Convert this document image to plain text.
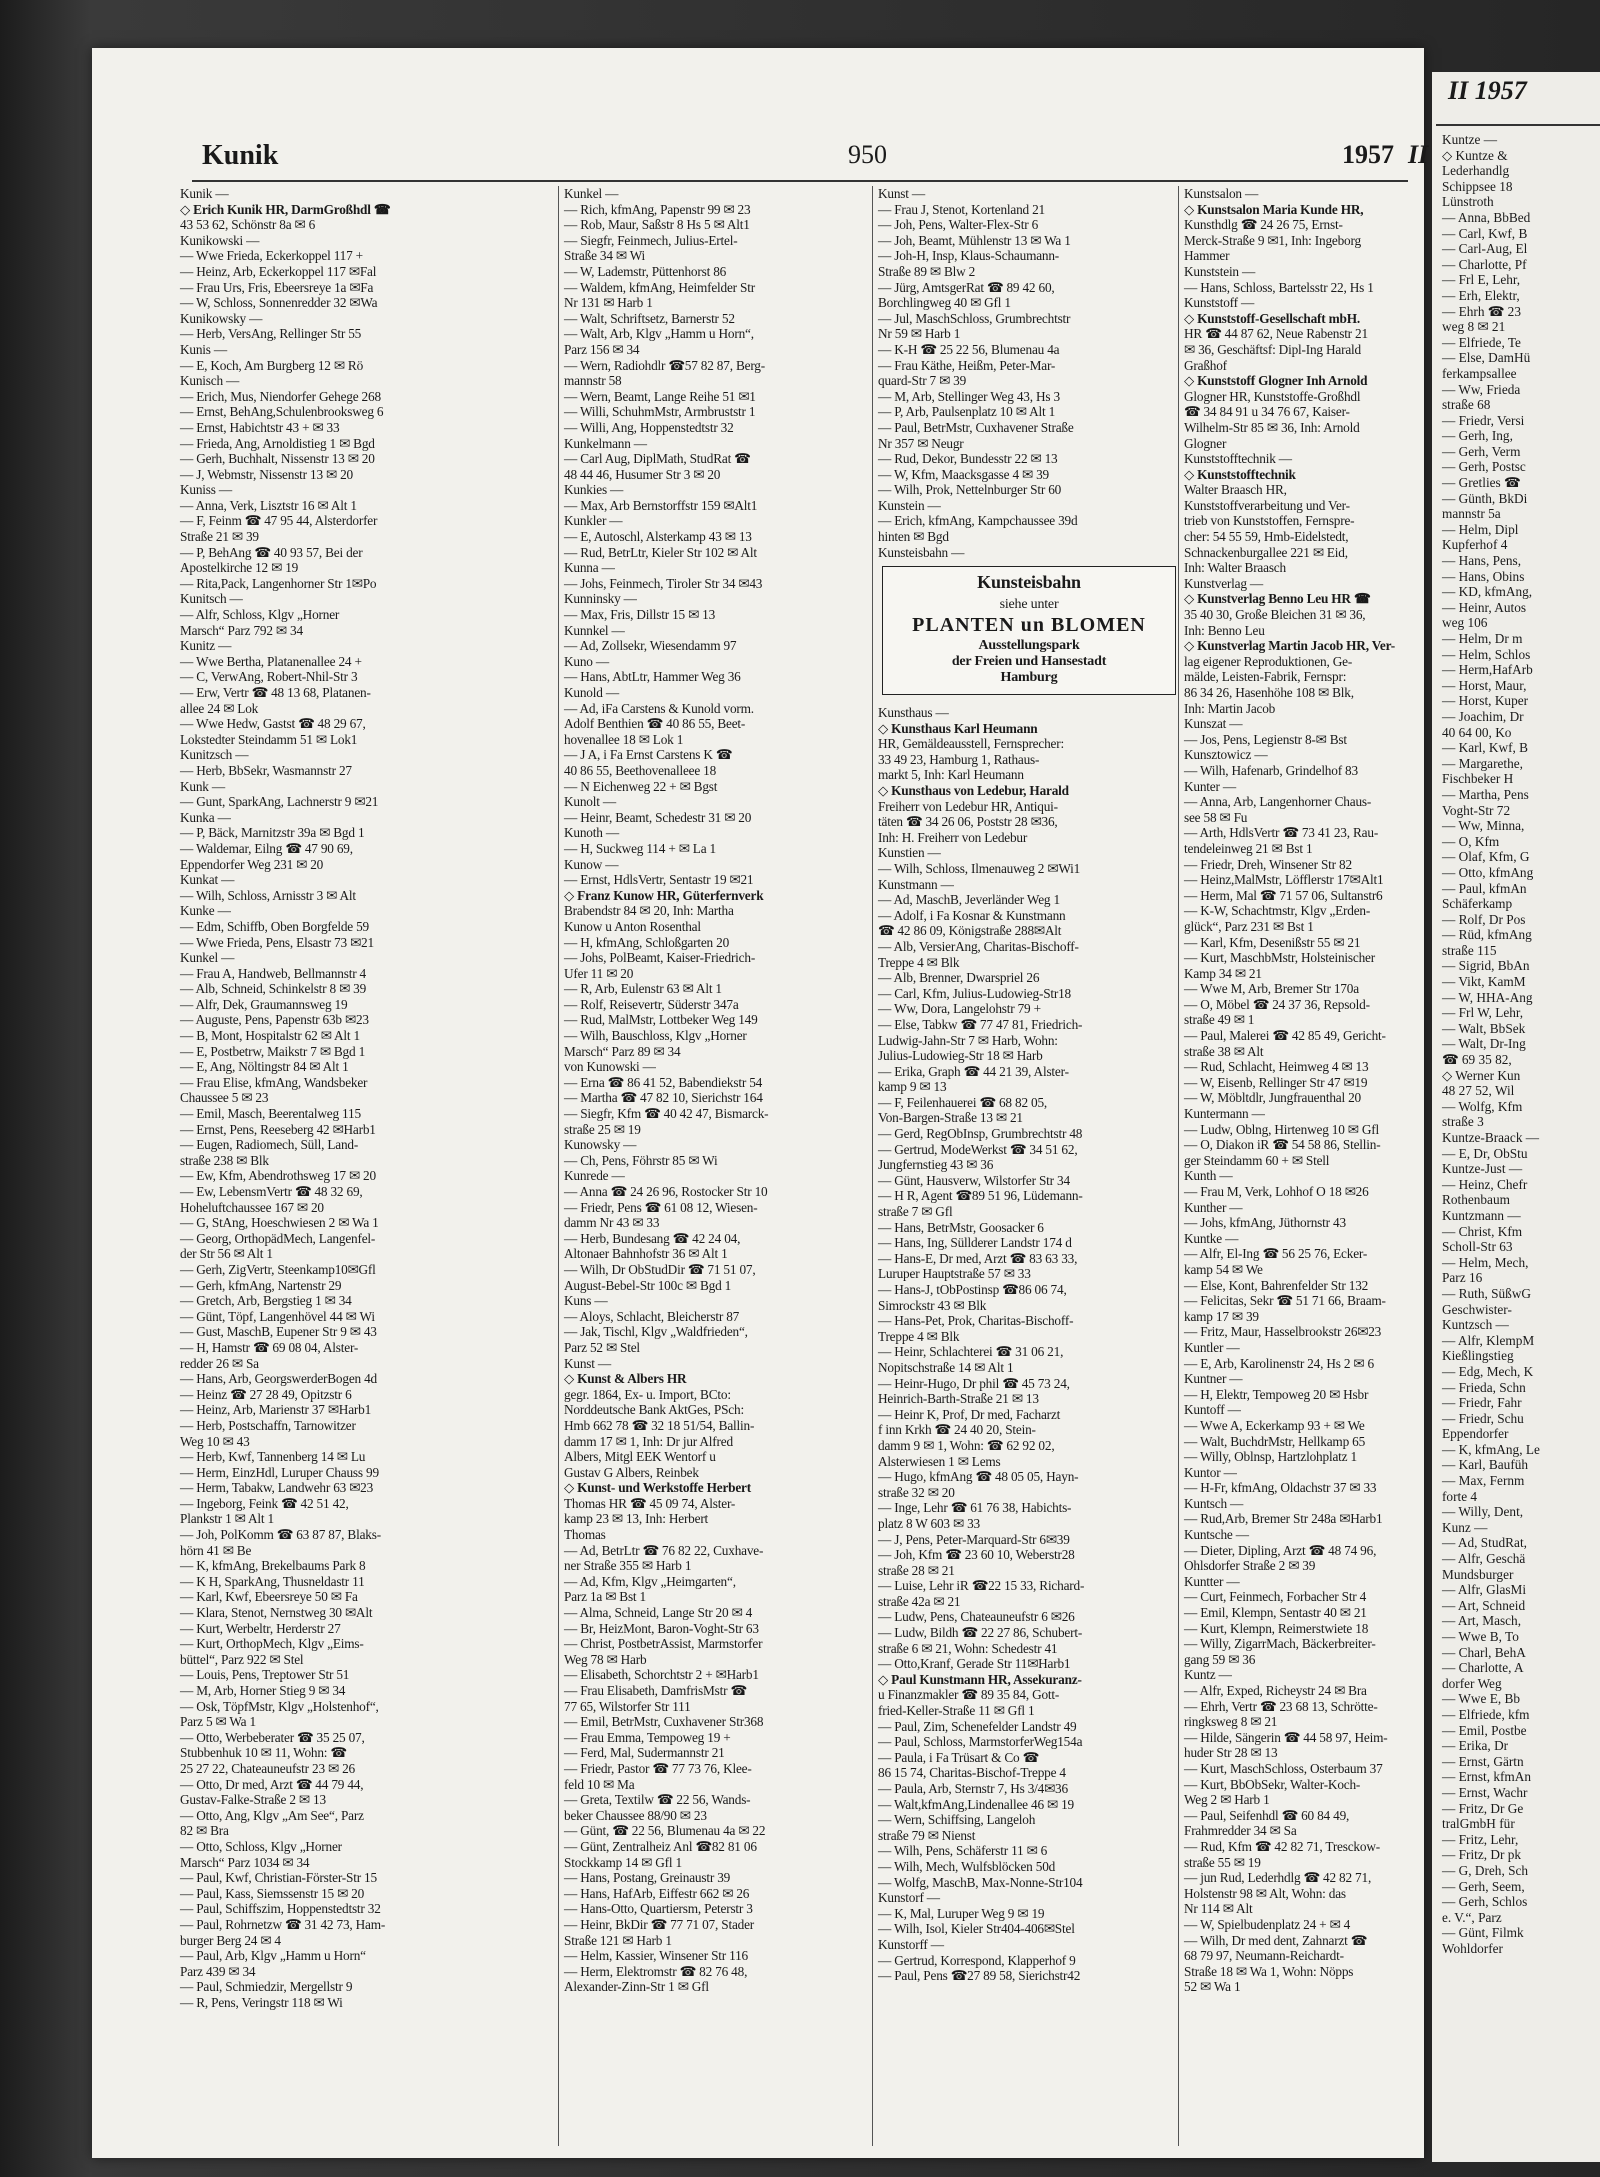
Kunik	950	1957 II
Kunik —
◇ Erich Kunik HR, DarmGroßhdl ☎
43 53 62, Schönstr 8a ✉ 6
Kunikowski —
— Wwe Frieda, Eckerkoppel 117 +
— Heinz, Arb, Eckerkoppel 117 ✉Fal
— Frau Urs, Fris, Ebeersreye 1a ✉Fa
— W, Schloss, Sonnenredder 32 ✉Wa
Kunikowsky —
— Herb, VersAng, Rellinger Str 55
Kunis —
— E, Koch, Am Burgberg 12 ✉ Rö
Kunisch —
— Erich, Mus, Niendorfer Gehege 268
— Ernst, BehAng,Schulenbrooksweg 6
— Ernst, Habichtstr 43 + ✉ 33
— Frieda, Ang, Arnoldistieg 1 ✉ Bgd
— Gerh, Buchhalt, Nissenstr 13 ✉ 20
— J, Webmstr, Nissenstr 13 ✉ 20
Kuniss —
— Anna, Verk, Lisztstr 16 ✉ Alt 1
— F, Feinm ☎ 47 95 44, Alsterdorfer
Straße 21 ✉ 39
— P, BehAng ☎ 40 93 57, Bei der
Apostelkirche 12 ✉ 19
— Rita,Pack, Langenhorner Str 1✉Po
Kunitsch —
— Alfr, Schloss, Klgv „Horner
Marsch“ Parz 792 ✉ 34
Kunitz —
— Wwe Bertha, Platanenallee 24 +
— C, VerwAng, Robert-Nhil-Str 3
— Erw, Vertr ☎ 48 13 68, Platanen-
allee 24 ✉ Lok
— Wwe Hedw, Gastst ☎ 48 29 67,
Lokstedter Steindamm 51 ✉ Lok1
Kunitzsch —
— Herb, BbSekr, Wasmannstr 27
Kunk —
— Gunt, SparkAng, Lachnerstr 9 ✉21
Kunka —
— P, Bäck, Marnitzstr 39a ✉ Bgd 1
— Waldemar, Eilng ☎ 47 90 69,
Eppendorfer Weg 231 ✉ 20
Kunkat —
— Wilh, Schloss, Arnisstr 3 ✉ Alt
Kunke —
— Edm, Schiffb, Oben Borgfelde 59
— Wwe Frieda, Pens, Elsastr 73 ✉21
Kunkel —
— Frau A, Handweb, Bellmannstr 4
— Alb, Schneid, Schinkelstr 8 ✉ 39
— Alfr, Dek, Graumannsweg 19
— Auguste, Pens, Papenstr 63b ✉23
— B, Mont, Hospitalstr 62 ✉ Alt 1
— E, Postbetrw, Maikstr 7 ✉ Bgd 1
— E, Ang, Nöltingstr 84 ✉ Alt 1
— Frau Elise, kfmAng, Wandsbeker
Chaussee 5 ✉ 23
— Emil, Masch, Beerentalweg 115
— Ernst, Pens, Reeseberg 42 ✉Harb1
— Eugen, Radiomech, Süll, Land-
straße 238 ✉ Blk
— Ew, Kfm, Abendrothsweg 17 ✉ 20
— Ew, LebensmVertr ☎ 48 32 69,
Hoheluftchaussee 167 ✉ 20
— G, StAng, Hoeschwiesen 2 ✉ Wa 1
— Georg, OrthopädMech, Langenfel-
der Str 56 ✉ Alt 1
— Gerh, ZigVertr, Steenkamp10✉Gfl
— Gerh, kfmAng, Nartenstr 29
— Gretch, Arb, Bergstieg 1 ✉ 34
— Günt, Töpf, Langenhövel 44 ✉ Wi
— Gust, MaschB, Eupener Str 9 ✉ 43
— H, Hamstr ☎ 69 08 04, Alster-
redder 26 ✉ Sa
— Hans, Arb, GeorgswerderBogen 4d
— Heinz ☎ 27 28 49, Opitzstr 6
— Heinz, Arb, Marienstr 37 ✉Harb1
— Herb, Postschaffn, Tarnowitzer
Weg 10 ✉ 43
— Herb, Kwf, Tannenberg 14 ✉ Lu
— Herm, EinzHdl, Luruper Chauss 99
— Herm, Tabakw, Landwehr 63 ✉23
— Ingeborg, Feink ☎ 42 51 42,
Plankstr 1 ✉ Alt 1
— Joh, PolKomm ☎ 63 87 87, Blaks-
hörn 41 ✉ Be
— K, kfmAng, Brekelbaums Park 8
— K H, SparkAng, Thusneldastr 11
— Karl, Kwf, Ebeersreye 50 ✉ Fa
— Klara, Stenot, Nernstweg 30 ✉Alt
— Kurt, Werbeltr, Herderstr 27
— Kurt, OrthopMech, Klgv „Eims-
büttel“, Parz 922 ✉ Stel
— Louis, Pens, Treptower Str 51
— M, Arb, Horner Stieg 9 ✉ 34
— Osk, TöpfMstr, Klgv „Holstenhof“,
Parz 5 ✉ Wa 1
— Otto, Werbeberater ☎ 35 25 07,
Stubbenhuk 10 ✉ 11, Wohn: ☎
25 27 22, Chateauneufstr 23 ✉ 26
— Otto, Dr med, Arzt ☎ 44 79 44,
Gustav-Falke-Straße 2 ✉ 13
— Otto, Ang, Klgv „Am See“, Parz
82 ✉ Bra
— Otto, Schloss, Klgv „Horner
Marsch“ Parz 1034 ✉ 34
— Paul, Kwf, Christian-Förster-Str 15
— Paul, Kass, Siemssenstr 15 ✉ 20
— Paul, Schiffszim, Hoppenstedtstr 32
— Paul, Rohrnetzw ☎ 31 42 73, Ham-
burger Berg 24 ✉ 4
— Paul, Arb, Klgv „Hamm u Horn“
Parz 439 ✉ 34
— Paul, Schmiedzir, Mergellstr 9
— R, Pens, Veringstr 118 ✉ Wi
Kunkel —
— Rich, kfmAng, Papenstr 99 ✉ 23
— Rob, Maur, Saßstr 8 Hs 5 ✉ Alt1
— Siegfr, Feinmech, Julius-Ertel-
Straße 34 ✉ Wi
— W, Lademstr, Püttenhorst 86
— Waldem, kfmAng, Heimfelder Str
Nr 131 ✉ Harb 1
— Walt, Schriftsetz, Barnerstr 52
— Walt, Arb, Klgv „Hamm u Horn“,
Parz 156 ✉ 34
— Wern, Radiohdlr ☎57 82 87, Berg-
mannstr 58
— Wern, Beamt, Lange Reihe 51 ✉1
— Willi, SchuhmMstr, Armbruststr 1
— Willi, Ang, Hoppenstedtstr 32
Kunkelmann —
— Carl Aug, DiplMath, StudRat ☎
48 44 46, Husumer Str 3 ✉ 20
Kunkies —
— Max, Arb Bernstorffstr 159 ✉Alt1
Kunkler —
— E, Autoschl, Alsterkamp 43 ✉ 13
— Rud, BetrLtr, Kieler Str 102 ✉ Alt
Kunna —
— Johs, Feinmech, Tiroler Str 34 ✉43
Kunninsky —
— Max, Fris, Dillstr 15 ✉ 13
Kunnkel —
— Ad, Zollsekr, Wiesendamm 97
Kuno —
— Hans, AbtLtr, Hammer Weg 36
Kunold —
— Ad, iFa Carstens & Kunold vorm.
Adolf Benthien ☎ 40 86 55, Beet-
hovenallee 18 ✉ Lok 1
— J A, i Fa Ernst Carstens K ☎
40 86 55, Beethovenalleee 18
— N Eichenweg 22 + ✉ Bgst
Kunolt —
— Heinr, Beamt, Schedestr 31 ✉ 20
Kunoth —
— H, Suckweg 114 + ✉ La 1
Kunow —
— Ernst, HdlsVertr, Sentastr 19 ✉21
◇ Franz Kunow HR, Güterfernverk
Brabendstr 84 ✉ 20, Inh: Martha
Kunow u Anton Rosenthal
— H, kfmAng, Schloßgarten 20
— Johs, PolBeamt, Kaiser-Friedrich-
Ufer 11 ✉ 20
— R, Arb, Eulenstr 63 ✉ Alt 1
— Rolf, Reisevertr, Süderstr 347a
— Rud, MalMstr, Lottbeker Weg 149
— Wilh, Bauschloss, Klgv „Horner
Marsch“ Parz 89 ✉ 34
von Kunowski —
— Erna ☎ 86 41 52, Babendiekstr 54
— Martha ☎ 47 82 10, Sierichstr 164
— Siegfr, Kfm ☎ 40 42 47, Bismarck-
straße 25 ✉ 19
Kunowsky —
— Ch, Pens, Föhrstr 85 ✉ Wi
Kunrede —
— Anna ☎ 24 26 96, Rostocker Str 10
— Friedr, Pens ☎ 61 08 12, Wiesen-
damm Nr 43 ✉ 33
— Herb, Bundesang ☎ 42 24 04,
Altonaer Bahnhofstr 36 ✉ Alt 1
— Wilh, Dr ObStudDir ☎ 71 51 07,
August-Bebel-Str 100c ✉ Bgd 1
Kuns —
— Aloys, Schlacht, Bleicherstr 87
— Jak, Tischl, Klgv „Waldfrieden“,
Parz 52 ✉ Stel
Kunst —
◇ Kunst & Albers HR
gegr. 1864, Ex- u. Import, BCto:
Norddeutsche Bank AktGes, PSch:
Hmb 662 78 ☎ 32 18 51/54, Ballin-
damm 17 ✉ 1, Inh: Dr jur Alfred
Albers, Mitgl EEK Wentorf u
Gustav G Albers, Reinbek
◇ Kunst- und Werkstoffe Herbert
Thomas HR ☎ 45 09 74, Alster-
kamp 23 ✉ 13, Inh: Herbert
Thomas
— Ad, BetrLtr ☎ 76 82 22, Cuxhave-
ner Straße 355 ✉ Harb 1
— Ad, Kfm, Klgv „Heimgarten“,
Parz 1a ✉ Bst 1
— Alma, Schneid, Lange Str 20 ✉ 4
— Br, HeizMont, Baron-Voght-Str 63
— Christ, PostbetrAssist, Marmstorfer
Weg 78 ✉ Harb
— Elisabeth, Schorchtstr 2 + ✉Harb1
— Frau Elisabeth, DamfrisMstr ☎
77 65, Wilstorfer Str 111
— Emil, BetrMstr, Cuxhavener Str368
— Frau Emma, Tempoweg 19 +
— Ferd, Mal, Sudermannstr 21
— Friedr, Pastor ☎ 77 73 76, Klee-
feld 10 ✉ Ma
— Greta, Textilw ☎ 22 56, Wands-
beker Chaussee 88/90 ✉ 23
— Günt, ☎ 22 56, Blumenau 4a ✉ 22
— Günt, Zentralheiz Anl ☎82 81 06
Stockkamp 14 ✉ Gfl 1
— Hans, Postang, Greinaustr 39
— Hans, HafArb, Eiffestr 662 ✉ 26
— Hans-Otto, Quartiersm, Peterstr 3
— Heinr, BkDir ☎ 77 71 07, Stader
Straße 121 ✉ Harb 1
— Helm, Kassier, Winsener Str 116
— Herm, Elektromstr ☎ 82 76 48,
Alexander-Zinn-Str 1 ✉ Gfl
Kunst —
— Frau J, Stenot, Kortenland 21
— Joh, Pens, Walter-Flex-Str 6
— Joh, Beamt, Mühlenstr 13 ✉ Wa 1
— Joh-H, Insp, Klaus-Schaumann-
Straße 89 ✉ Blw 2
— Jürg, AmtsgerRat ☎ 89 42 60,
Borchlingweg 40 ✉ Gfl 1
— Jul, MaschSchloss, Grumbrechtstr
Nr 59 ✉ Harb 1
— K-H ☎ 25 22 56, Blumenau 4a
— Frau Käthe, Heißm, Peter-Mar-
quard-Str 7 ✉ 39
— M, Arb, Stellinger Weg 43, Hs 3
— P, Arb, Paulsenplatz 10 ✉ Alt 1
— Paul, BetrMstr, Cuxhavener Straße
Nr 357 ✉ Neugr
— Rud, Dekor, Bundesstr 22 ✉ 13
— W, Kfm, Maacksgasse 4 ✉ 39
— Wilh, Prok, Nettelnburger Str 60
Kunstein —
— Erich, kfmAng, Kampchaussee 39d
hinten ✉ Bgd
Kunsteisbahn —
Kunsteisbahn
siehe unter
PLANTEN un BLOMEN
Ausstellungspark
der Freien und Hansestadt
Hamburg
Kunsthaus —
◇ Kunsthaus Karl Heumann
HR, Gemäldeausstell, Fernsprecher:
33 49 23, Hamburg 1, Rathaus-
markt 5, Inh: Karl Heumann
◇ Kunsthaus von Ledebur, Harald
Freiherr von Ledebur HR, Antiqui-
täten ☎ 34 26 06, Poststr 28 ✉36,
Inh: H. Freiherr von Ledebur
Kunstien —
— Wilh, Schloss, Ilmenauweg 2 ✉Wi1
Kunstmann —
— Ad, MaschB, Jeverländer Weg 1
— Adolf, i Fa Kosnar & Kunstmann
☎ 42 86 09, Königstraße 288✉Alt
— Alb, VersierAng, Charitas-Bischoff-
Treppe 4 ✉ Blk
— Alb, Brenner, Dwarspriel 26
— Carl, Kfm, Julius-Ludowieg-Str18
— Ww, Dora, Langelohstr 79 +
— Else, Tabkw ☎ 77 47 81, Friedrich-
Ludwig-Jahn-Str 7 ✉ Harb, Wohn:
Julius-Ludowieg-Str 18 ✉ Harb
— Erika, Graph ☎ 44 21 39, Alster-
kamp 9 ✉ 13
— F, Feilenhauerei ☎ 68 82 05,
Von-Bargen-Straße 13 ✉ 21
— Gerd, RegObInsp, Grumbrechtstr 48
— Gertrud, ModeWerkst ☎ 34 51 62,
Jungfernstieg 43 ✉ 36
— Günt, Hausverw, Wilstorfer Str 34
— H R, Agent ☎89 51 96, Lüdemann-
straße 7 ✉ Gfl
— Hans, BetrMstr, Goosacker 6
— Hans, Ing, Süllderer Landstr 174 d
— Hans-E, Dr med, Arzt ☎ 83 63 33,
Luruper Hauptstraße 57 ✉ 33
— Hans-J, tObPostinsp ☎86 06 74,
Simrockstr 43 ✉ Blk
— Hans-Pet, Prok, Charitas-Bischoff-
Treppe 4 ✉ Blk
— Heinr, Schlachterei ☎ 31 06 21,
Nopitschstraße 14 ✉ Alt 1
— Heinr-Hugo, Dr phil ☎ 45 73 24,
Heinrich-Barth-Straße 21 ✉ 13
— Heinr K, Prof, Dr med, Facharzt
f inn Krkh ☎ 24 40 20, Stein-
damm 9 ✉ 1, Wohn: ☎ 62 92 02,
Alsterwiesen 1 ✉ Lems
— Hugo, kfmAng ☎ 48 05 05, Hayn-
straße 32 ✉ 20
— Inge, Lehr ☎ 61 76 38, Habichts-
platz 8 W 603 ✉ 33
— J, Pens, Peter-Marquard-Str 6✉39
— Joh, Kfm ☎ 23 60 10, Weberstr28
straße 28 ✉ 21
— Luise, Lehr iR ☎22 15 33, Richard-
straße 42a ✉ 21
— Ludw, Pens, Chateauneufstr 6 ✉26
— Ludw, Bildh ☎ 22 27 86, Schubert-
straße 6 ✉ 21, Wohn: Schedestr 41
— Otto,Kranf, Gerade Str 11✉Harb1
◇ Paul Kunstmann HR, Assekuranz-
u Finanzmakler ☎ 89 35 84, Gott-
fried-Keller-Straße 11 ✉ Gfl 1
— Paul, Zim, Schenefelder Landstr 49
— Paul, Schloss, MarmstorferWeg154a
— Paula, i Fa Trüsart & Co ☎
86 15 74, Charitas-Bischof-Treppe 4
— Paula, Arb, Sternstr 7, Hs 3/4✉36
— Walt,kfmAng,Lindenallee 46 ✉ 19
— Wern, Schiffsing, Langeloh
straße 79 ✉ Nienst
— Wilh, Pens, Schäferstr 11 ✉ 6
— Wilh, Mech, Wulfsblöcken 50d
— Wolfg, MaschB, Max-Nonne-Str104
Kunstorf —
— K, Mal, Luruper Weg 9 ✉ 19
— Wilh, Isol, Kieler Str404-406✉Stel
Kunstorff —
— Gertrud, Korrespond, Klapperhof 9
— Paul, Pens ☎27 89 58, Sierichstr42
Kunstsalon —
◇ Kunstsalon Maria Kunde HR,
Kunsthdlg ☎ 24 26 75, Ernst-
Merck-Straße 9 ✉1, Inh: Ingeborg
Hammer
Kunststein —
— Hans, Schloss, Bartelsstr 22, Hs 1
Kunststoff —
◇ Kunststoff-Gesellschaft mbH.
HR ☎ 44 87 62, Neue Rabenstr 21
✉ 36, Geschäftsf: Dipl-Ing Harald
Graßhof
◇ Kunststoff Glogner Inh Arnold
Glogner HR, Kunststoffe-Großhdl
☎ 34 84 91 u 34 76 67, Kaiser-
Wilhelm-Str 85 ✉ 36, Inh: Arnold
Glogner
Kunststofftechnik —
◇ Kunststofftechnik
Walter Braasch HR,
Kunststoffverarbeitung und Ver-
trieb von Kunststoffen, Fernspre-
cher: 54 55 59, Hmb-Eidelstedt,
Schnackenburgallee 221 ✉ Eid,
Inh: Walter Braasch
Kunstverlag —
◇ Kunstverlag Benno Leu HR ☎
35 40 30, Große Bleichen 31 ✉ 36,
Inh: Benno Leu
◇ Kunstverlag Martin Jacob HR, Ver-
lag eigener Reproduktionen, Ge-
mälde, Leisten-Fabrik, Fernspr:
86 34 26, Hasenhöhe 108 ✉ Blk,
Inh: Martin Jacob
Kunszat —
— Jos, Pens, Legienstr 8-✉ Bst
Kunsztowicz —
— Wilh, Hafenarb, Grindelhof 83
Kunter —
— Anna, Arb, Langenhorner Chaus-
see 58 ✉ Fu
— Arth, HdlsVertr ☎ 73 41 23, Rau-
tendeleinweg 21 ✉ Bst 1
— Friedr, Dreh, Winsener Str 82
— Heinz,MalMstr, Löfflerstr 17✉Alt1
— Herm, Mal ☎ 71 57 06, Sultanstr6
— K-W, Schachtmstr, Klgv „Erden-
glück“, Parz 231 ✉ Bst 1
— Karl, Kfm, Desenißstr 55 ✉ 21
— Kurt, MaschbMstr, Holsteinischer
Kamp 34 ✉ 21
— Wwe M, Arb, Bremer Str 170a
— O, Möbel ☎ 24 37 36, Repsold-
straße 49 ✉ 1
— Paul, Malerei ☎ 42 85 49, Gericht-
straße 38 ✉ Alt
— Rud, Schlacht, Heimweg 4 ✉ 13
— W, Eisenb, Rellinger Str 47 ✉19
— W, Möbltdlr, Jungfrauenthal 20
Kuntermann —
— Ludw, Oblng, Hirtenweg 10 ✉ Gfl
— O, Diakon iR ☎ 54 58 86, Stellin-
ger Steindamm 60 + ✉ Stell
Kunth —
— Frau M, Verk, Lohhof O 18 ✉26
Kunther —
— Johs, kfmAng, Jüthornstr 43
Kuntke —
— Alfr, El-Ing ☎ 56 25 76, Ecker-
kamp 54 ✉ We
— Else, Kont, Bahrenfelder Str 132
— Felicitas, Sekr ☎ 51 71 66, Braam-
kamp 17 ✉ 39
— Fritz, Maur, Hasselbrookstr 26✉23
Kuntler —
— E, Arb, Karolinenstr 24, Hs 2 ✉ 6
Kuntner —
— H, Elektr, Tempoweg 20 ✉ Hsbr
Kuntoff —
— Wwe A, Eckerkamp 93 + ✉ We
— Walt, BuchdrMstr, Hellkamp 65
— Willy, Oblnsp, Hartzlohplatz 1
Kuntor —
— H-Fr, kfmAng, Oldachstr 37 ✉ 33
Kuntsch —
— Rud,Arb, Bremer Str 248a ✉Harb1
Kuntsche —
— Dieter, Dipling, Arzt ☎ 48 74 96,
Ohlsdorfer Straße 2 ✉ 39
Kuntter —
— Curt, Feinmech, Forbacher Str 4
— Emil, Klempn, Sentastr 40 ✉ 21
— Kurt, Klempn, Reimerstwiete 18
— Willy, ZigarrMach, Bäckerbreiter-
gang 59 ✉ 36
Kuntz —
— Alfr, Exped, Richeystr 24 ✉ Bra
— Ehrh, Vertr ☎ 23 68 13, Schrötte-
ringksweg 8 ✉ 21
— Hilde, Sängerin ☎ 44 58 97, Heim-
huder Str 28 ✉ 13
— Kurt, MaschSchloss, Osterbaum 37
— Kurt, BbObSekr, Walter-Koch-
Weg 2 ✉ Harb 1
— Paul, Seifenhdl ☎ 60 84 49,
Frahmredder 34 ✉ Sa
— Rud, Kfm ☎ 42 82 71, Tresckow-
straße 55 ✉ 19
— jun Rud, Lederhdlg ☎ 42 82 71,
Holstenstr 98 ✉ Alt, Wohn: das
Nr 114 ✉ Alt
— W, Spielbudenplatz 24 + ✉ 4
— Wilh, Dr med dent, Zahnarzt ☎
68 79 97, Neumann-Reichardt-
Straße 18 ✉ Wa 1, Wohn: Nöpps
52 ✉ Wa 1
II 1957
Kuntze —
◇ Kuntze &
Lederhandlg
Schippsee 18
Lünstroth
— Anna, BbBed
— Carl, Kwf, B
— Carl-Aug, El
— Charlotte, Pf
— Frl E, Lehr,
— Erh, Elektr,
— Ehrh ☎ 23
weg 8 ✉ 21
— Elfriede, Te
— Else, DamHü
ferkampsallee
— Ww, Frieda
straße 68
— Friedr, Versi
— Gerh, Ing,
— Gerh, Verm
— Gerh, Postsc
— Gretlies ☎
— Günth, BkDi
mannstr 5a
— Helm, Dipl
Kupferhof 4
— Hans, Pens,
— Hans, Obins
— KD, kfmAng,
— Heinr, Autos
weg 106
— Helm, Dr m
— Helm, Schlos
— Herm,HafArb
— Horst, Maur,
— Horst, Kuper
— Joachim, Dr
40 64 00, Ko
— Karl, Kwf, B
— Margarethe,
Fischbeker H
— Martha, Pens
Voght-Str 72
— Ww, Minna,
— O, Kfm
— Olaf, Kfm, G
— Otto, kfmAng
— Paul, kfmAn
Schäferkamp
— Rolf, Dr Pos
— Rüd, kfmAng
straße 115
— Sigrid, BbAn
— Vikt, KamM
— W, HHA-Ang
— Frl W, Lehr,
— Walt, BbSek
— Walt, Dr-Ing
☎ 69 35 82,
◇ Werner Kun
48 27 52, Wil
— Wolfg, Kfm
straße 3
Kuntze-Braack —
— E, Dr, ObStu
Kuntze-Just —
— Heinz, Chefr
Rothenbaum
Kuntzmann —
— Christ, Kfm
Scholl-Str 63
— Helm, Mech,
Parz 16
— Ruth, SüßwG
Geschwister-
Kuntzsch —
— Alfr, KlempM
Kießlingstieg
— Edg, Mech, K
— Frieda, Schn
— Friedr, Fahr
— Friedr, Schu
Eppendorfer
— K, kfmAng, Le
— Karl, Baufüh
— Max, Fernm
forte 4
— Willy, Dent,
Kunz —
— Ad, StudRat,
— Alfr, Geschä
Mundsburger
— Alfr, GlasMi
— Art, Schneid
— Art, Masch,
— Wwe B, To
— Charl, BehA
— Charlotte, A
dorfer Weg
— Wwe E, Bb
— Elfriede, kfm
— Emil, Postbe
— Erika, Dr
— Ernst, Gärtn
— Ernst, kfmAn
— Ernst, Wachr
— Fritz, Dr Ge
tralGmbH für
— Fritz, Lehr,
— Fritz, Dr pk
— G, Dreh, Sch
— Gerh, Seem,
— Gerh, Schlos
e. V.“, Parz
— Günt, Filmk
Wohldorfer
